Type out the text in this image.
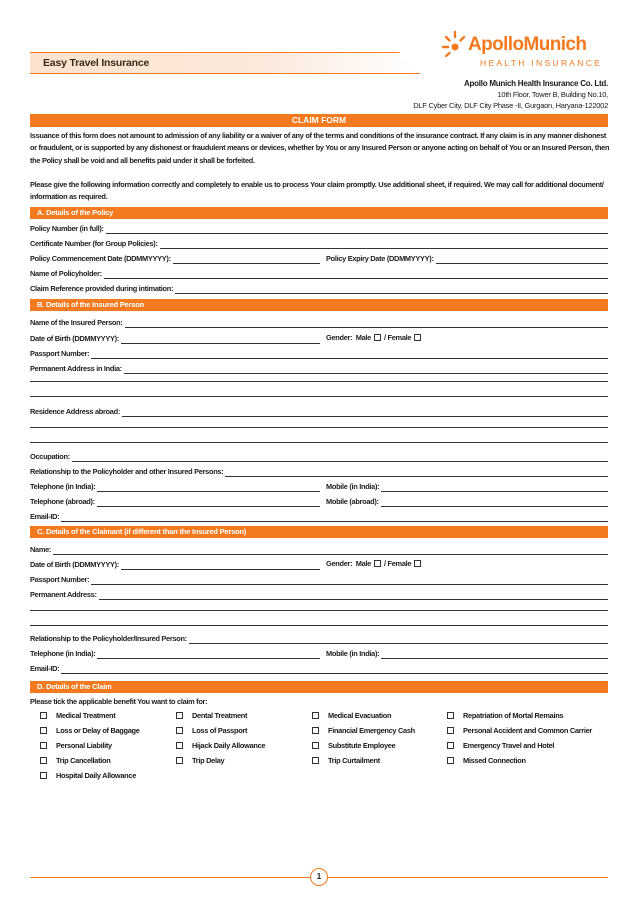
Easy Travel Insurance
ApolloMunich
HEALTH INSURANCE
Apollo Munich Health Insurance Co. Ltd.
10th Floor, Tower B, Building No.10,
DLF Cyber City, DLF City Phase -II, Gurgaon, Haryana-122002
CLAIM FORM
Issuance of this form does not amount to admission of any liability or a waiver of any of the terms and conditions of the insurance contract. If any claim is in any manner dishonest or fraudulent, or is supported by any dishonest or fraudulent means or devices, whether by You or any Insured Person or anyone acting on behalf of You or an Insured Person, then the Policy shall be void and all benefits paid under it shall be forfeited.
Please give the following information correctly and completely to enable us to process Your claim promptly. Use additional sheet, if required. We may call for additional document/ information as required.
A. Details of the Policy
Policy Number (in full):
Certificate Number (for Group Policies):
Policy Commencement Date (DDMMYYYY):	Policy Expiry Date (DDMMYYYY):
Name of Policyholder:
Claim Reference provided during intimation:
B. Details of the Insured Person
Name of the Insured Person:
Date of Birth (DDMMYYYY):	Gender: Male / Female
Passport Number:
Permanent Address in India:
Residence Address abroad:
Occupation:
Relationship to the Policyholder and other Insured Persons:
Telephone (in India):	Mobile (in India):
Telephone (abroad):	Mobile (abroad):
Email-ID:
C. Details of the Claimant (if different than the Insured Person)
Name:
Date of Birth (DDMMYYYY):	Gender: Male / Female
Passport Number:
Permanent Address:
Relationship to the Policyholder/Insured Person:
Telephone (in India):	Mobile (in India):
Email-ID:
D. Details of the Claim
Please tick the applicable benefit You want to claim for:
Medical Treatment	Dental Treatment	Medical Evacuation	Repatriation of Mortal Remains
Loss or Delay of Baggage	Loss of Passport	Financial Emergency Cash	Personal Accident and Common Carrier
Personal Liability	Hijack Daily Allowance	Substitute Employee	Emergency Travel and Hotel
Trip Cancellation	Trip Delay	Trip Curtailment	Missed Connection
Hospital Daily Allowance
1
